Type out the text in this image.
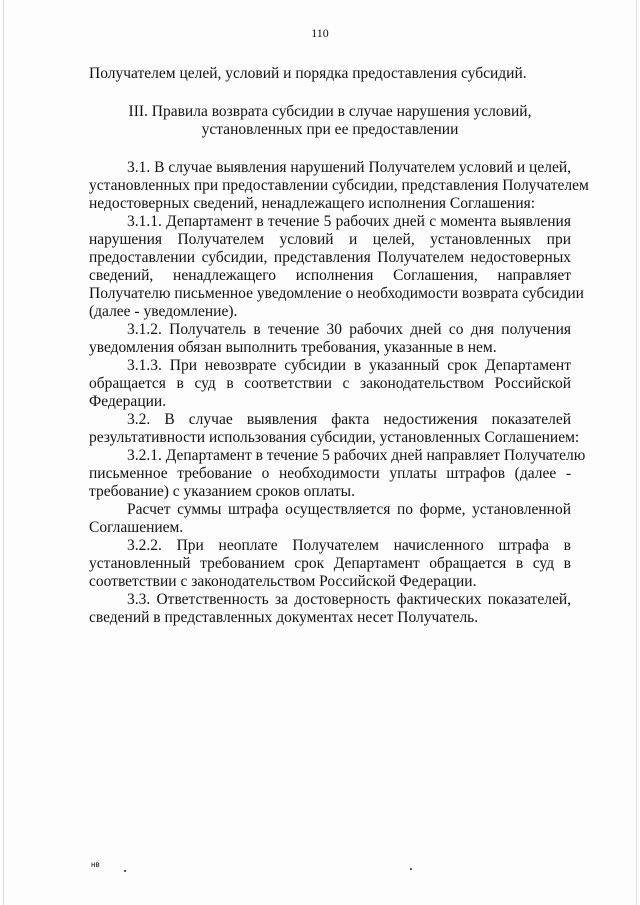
110
Получателем целей, условий и порядка предоставления субсидий.
III. Правила возврата субсидии в случае нарушения условий,
установленных при ее предоставлении
3.1. В случае выявления нарушений Получателем условий и целей,
установленных при предоставлении субсидии, представления Получателем
недостоверных сведений, ненадлежащего исполнения Соглашения:
3.1.1. Департамент в течение 5 рабочих дней с момента выявления
нарушения Получателем условий и целей, установленных при
предоставлении субсидии, представления Получателем недостоверных
сведений, ненадлежащего исполнения Соглашения, направляет
Получателю письменное уведомление о необходимости возврата субсидии
(далее - уведомление).
3.1.2. Получатель в течение 30 рабочих дней со дня получения
уведомления обязан выполнить требования, указанные в нем.
3.1.3. При невозврате субсидии в указанный срок Департамент
обращается в суд в соответствии с законодательством Российской
Федерации.
3.2. В случае выявления факта недостижения показателей
результативности использования субсидии, установленных Соглашением:
3.2.1. Департамент в течение 5 рабочих дней направляет Получателю
письменное требование о необходимости уплаты штрафов (далее -
требование) с указанием сроков оплаты.
Расчет суммы штрафа осуществляется по форме, установленной
Соглашением.
3.2.2. При неоплате Получателем начисленного штрафа в
установленный требованием срок Департамент обращается в суд в
соответствии с законодательством Российской Федерации.
3.3. Ответственность за достоверность фактических показателей,
сведений в представленных документах несет Получатель.
нв
